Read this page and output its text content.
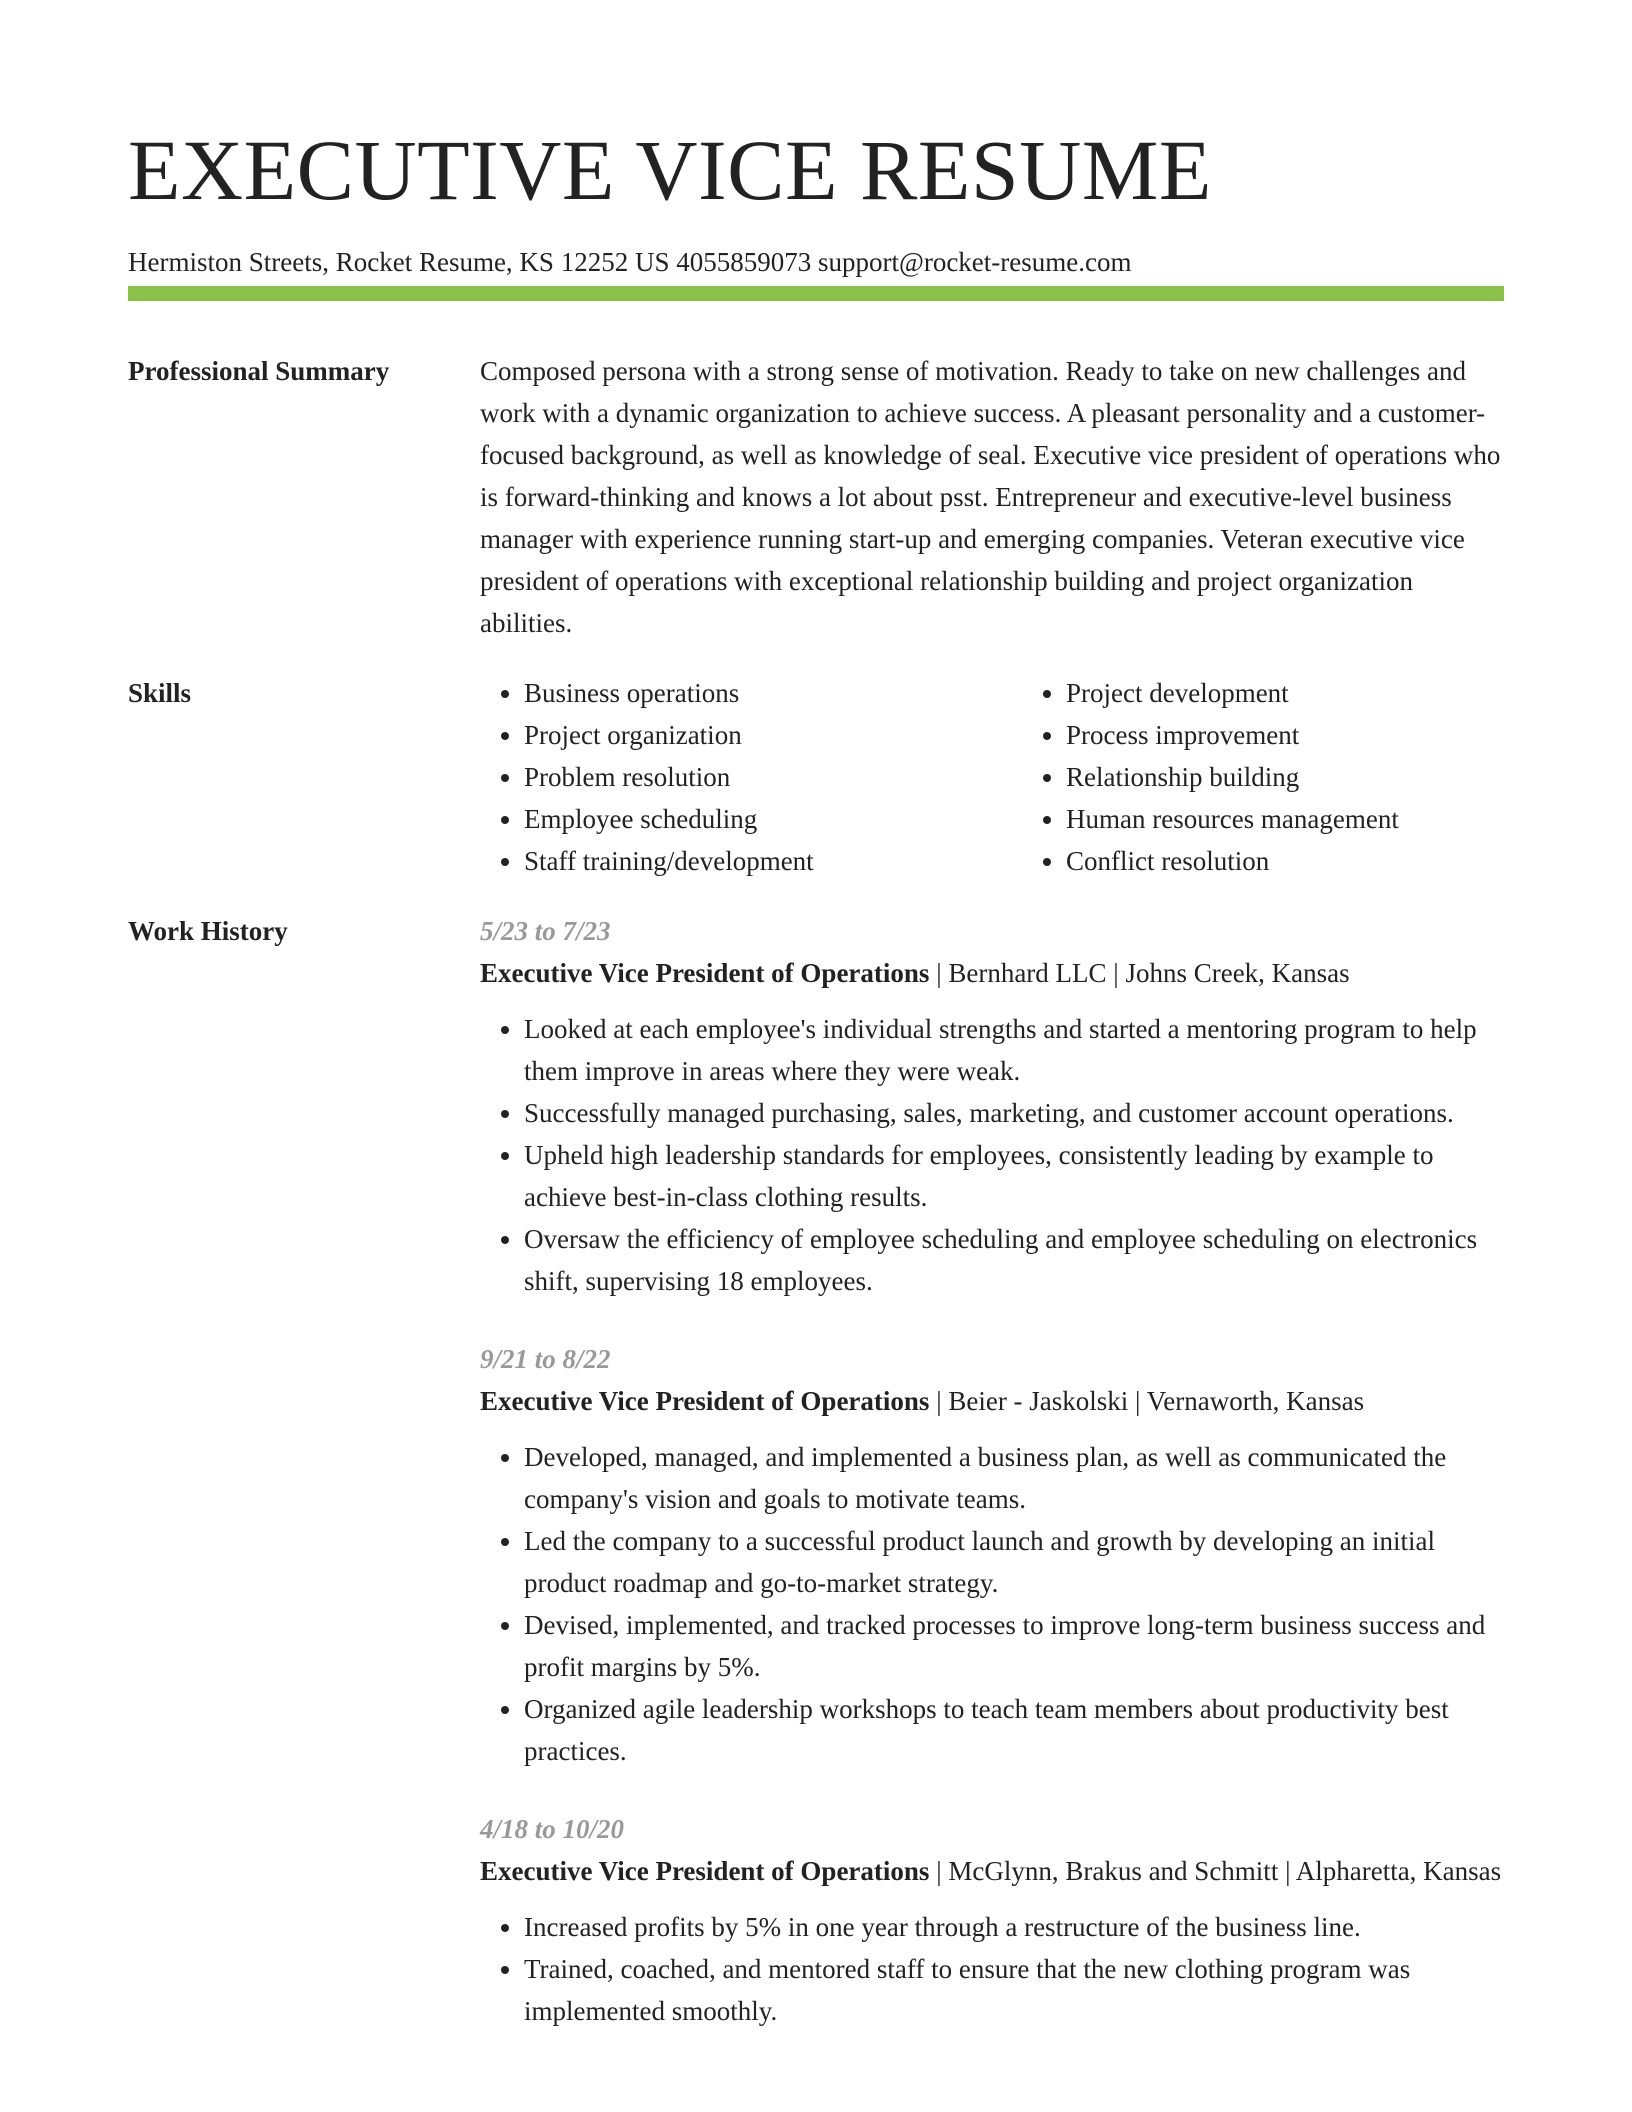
EXECUTIVE VICE RESUME
Hermiston Streets, Rocket Resume, KS 12252 US 4055859073 support@rocket-resume.com
Professional Summary	Composed persona with a strong sense of motivation. Ready to take on new challenges and work with a dynamic organization to achieve success. A pleasant personality and a customer-focused background, as well as knowledge of seal. Executive vice president of operations who is forward-thinking and knows a lot about psst. Entrepreneur and executive-level business manager with experience running start-up and emerging companies. Veteran executive vice president of operations with exceptional relationship building and project organization abilities.

Skills
•	Business operations
• Project organization
• Problem resolution
• Employee scheduling
• Staff training/development
• Project development
• Process improvement
• Relationship building
• Human resources management
• Conflict resolution
Work History	5/23 to 7/23
Executive Vice President of Operations | Bernhard LLC | Johns Creek, Kansas
• Looked at each employee's individual strengths and started a mentoring program to help them improve in areas where they were weak.
• Successfully managed purchasing, sales, marketing, and customer account operations.
• Upheld high leadership standards for employees, consistently leading by example to achieve best-in-class clothing results.
• Oversaw the efficiency of employee scheduling and employee scheduling on electronics shift, supervising 18 employees.
9/21 to 8/22
Executive Vice President of Operations | Beier - Jaskolski | Vernaworth, Kansas
• Developed, managed, and implemented a business plan, as well as communicated the company's vision and goals to motivate teams.
• Led the company to a successful product launch and growth by developing an initial product roadmap and go-to-market strategy.
• Devised, implemented, and tracked processes to improve long-term business success and profit margins by 5%.
• Organized agile leadership workshops to teach team members about productivity best practices.
4/18 to 10/20
Executive Vice President of Operations | McGlynn, Brakus and Schmitt | Alpharetta, Kansas
• Increased profits by 5% in one year through a restructure of the business line.
• Trained, coached, and mentored staff to ensure that the new clothing program was implemented smoothly.
